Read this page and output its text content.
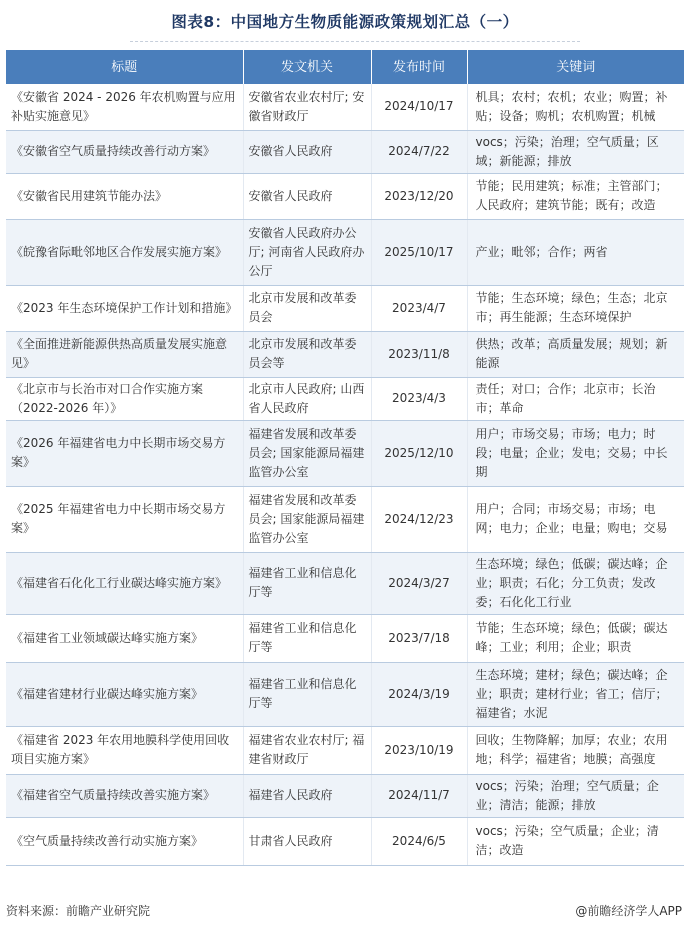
图表8：中国地方生物质能源政策规划汇总（一）
标题	发文机关	发布时间	关键词
《安徽省 2024 - 2026 年农机购置与应用补贴实施意见》	安徽省农业农村厅; 安徽省财政厅	2024/10/17	机具；农村；农机；农业；购置；补贴；设备；购机；农机购置；机械
《安徽省空气质量持续改善行动方案》	安徽省人民政府	2024/7/22	vocs；污染；治理；空气质量；区域；新能源；排放
《安徽省民用建筑节能办法》	安徽省人民政府	2023/12/20	节能；民用建筑；标准；主管部门；人民政府；建筑节能；既有；改造
《皖豫省际毗邻地区合作发展实施方案》	安徽省人民政府办公厅; 河南省人民政府办公厅	2025/10/17	产业；毗邻；合作；两省
《2023 年生态环境保护工作计划和措施》	北京市发展和改革委员会	2023/4/7	节能；生态环境；绿色；生态；北京市；再生能源；生态环境保护
《全面推进新能源供热高质量发展实施意见》	北京市发展和改革委员会等	2023/11/8	供热；改革；高质量发展；规划；新能源
《北京市与长治市对口合作实施方案（2022-2026 年）》	北京市人民政府; 山西省人民政府	2023/4/3	责任；对口；合作；北京市；长治市；革命
《2026 年福建省电力中长期市场交易方案》	福建省发展和改革委员会; 国家能源局福建监管办公室	2025/12/10	用户；市场交易；市场；电力；时段；电量；企业；发电；交易；中长期
《2025 年福建省电力中长期市场交易方案》	福建省发展和改革委员会; 国家能源局福建监管办公室	2024/12/23	用户；合同；市场交易；市场；电网；电力；企业；电量；购电；交易
《福建省石化化工行业碳达峰实施方案》	福建省工业和信息化厅等	2024/3/27	生态环境；绿色；低碳；碳达峰；企业；职责；石化；分工负责；发改委；石化化工行业
《福建省工业领域碳达峰实施方案》	福建省工业和信息化厅等	2023/7/18	节能；生态环境；绿色；低碳；碳达峰；工业；利用；企业；职责
《福建省建材行业碳达峰实施方案》	福建省工业和信息化厅等	2024/3/19	生态环境；建材；绿色；碳达峰；企业；职责；建材行业；省工；信厅；福建省；水泥
《福建省 2023 年农用地膜科学使用回收项目实施方案》	福建省农业农村厅; 福建省财政厅	2023/10/19	回收；生物降解；加厚；农业；农用地；科学；福建省；地膜；高强度
《福建省空气质量持续改善实施方案》	福建省人民政府	2024/11/7	vocs；污染；治理；空气质量；企业；清洁；能源；排放
《空气质量持续改善行动实施方案》	甘肃省人民政府	2024/6/5	vocs；污染；空气质量；企业；清洁；改造
资料来源：前瞻产业研究院	@前瞻经济学人APP
